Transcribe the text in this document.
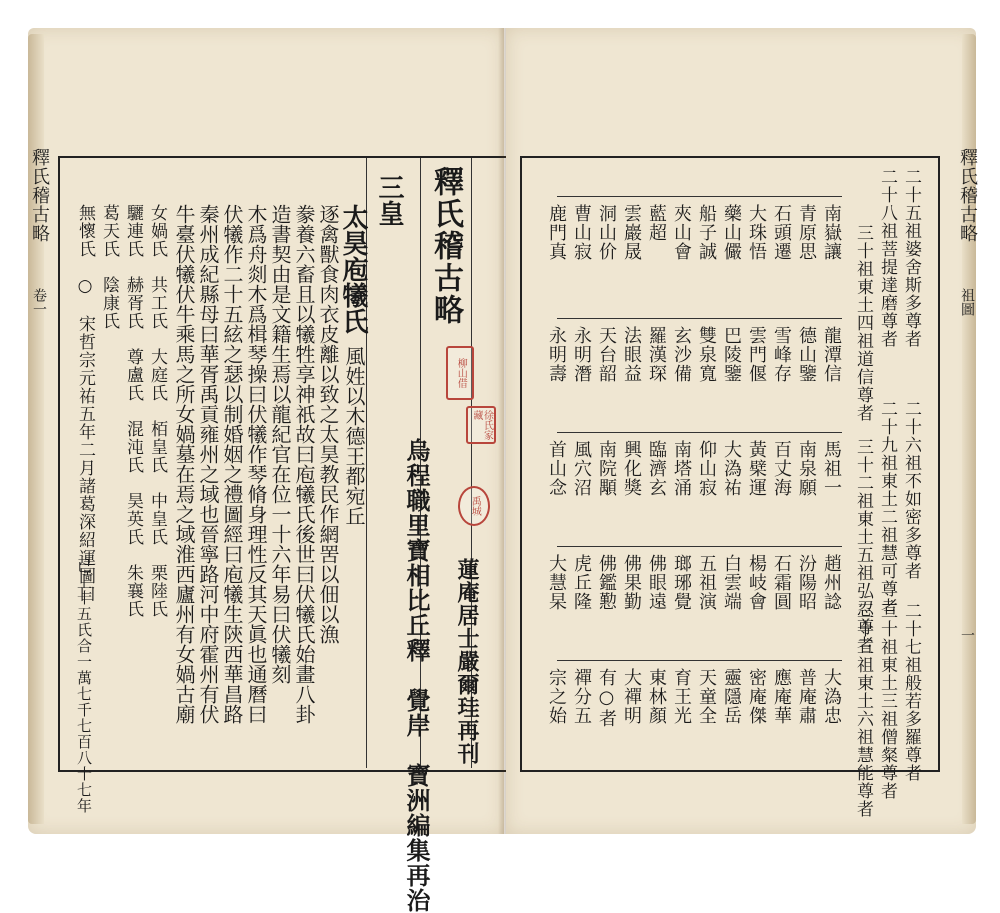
釋氏稽古略
卷一	釋氏稽古略
烏程職里寶相比丘釋　覺岸　寶洲編集再治 蓮庵居士嚴爾珪再刊
柳山借
徐氏家藏
禹城
三皇
太昊庖犧氏
風姓以木德王都宛丘
逐禽獸食肉衣皮離以致之太昊教民作網罟以佃以漁
豢養六畜且以犧牲享神祇故曰庖犧氏後世曰伏犧氏始畫八卦
造書契由是文籍生焉以龍紀官在位一十六年易曰伏犧刻
木爲舟剡木爲楫琴操曰伏犧作琴脩身理性反其天眞也通曆曰
伏犧作二十五絃之瑟以制婚姻之禮圖經曰庖犧生陝西華昌路
秦州成紀縣母曰華胥禹貢雍州之域也晉寧路河中府霍州有伏
牛臺伏犧伏牛乘馬之所女媧墓在焉之域淮西廬州有女媧古廟
女媧氏　共工氏　大庭氏　栢皇氏　中皇氏　栗陸氏
驪連氏　赫胥氏　尊盧氏　混沌氏　昊英氏　朱襄氏
葛天氏　陰康氏
無懷氏　○　宋哲宗元祐五年二月諸葛深紹運圖曰
已上十五氏合一萬七千七百八十七年
釋氏稽古略
祖圖
一
二十五祖婆舍斯多尊者
二十八祖菩提達磨尊者
三十祖東土四祖道信尊者
二十六祖不如密多尊者
二十九祖東土二祖慧可尊者
三十二祖東土五祖弘忍尊者
二十七祖般若多羅尊者
三十祖東土三祖僧粲尊者
三十三祖東土六祖慧能尊者
南嶽讓
青原思
石頭遷
大珠悟
藥山儼
船子誠
夾山會
藍超
雲巖晟
洞山价
曹山寂
鹿門真
龍潭信
德山鑒
雪峰存
雲門偃
巴陵鑒
雙泉寬
玄沙備
羅漢琛
法眼益
天台韶
永明潛
永明壽
馬祖一
南泉願
百丈海
黃檗運
大溈祐
仰山寂
南塔涌
臨濟玄
興化獎
南院顒
風穴沼
首山念
趙州諗
汾陽昭
石霜圓
楊岐會
白雲端
五祖演
瑯琊覺
佛眼遠
佛果勤
佛鑑懃
虎丘隆
大慧杲
大溈忠
普庵肅
應庵華
密庵傑
靈隱岳
天童全
育王光
東林顏
大禪明
有○者
禪分五
宗之始
